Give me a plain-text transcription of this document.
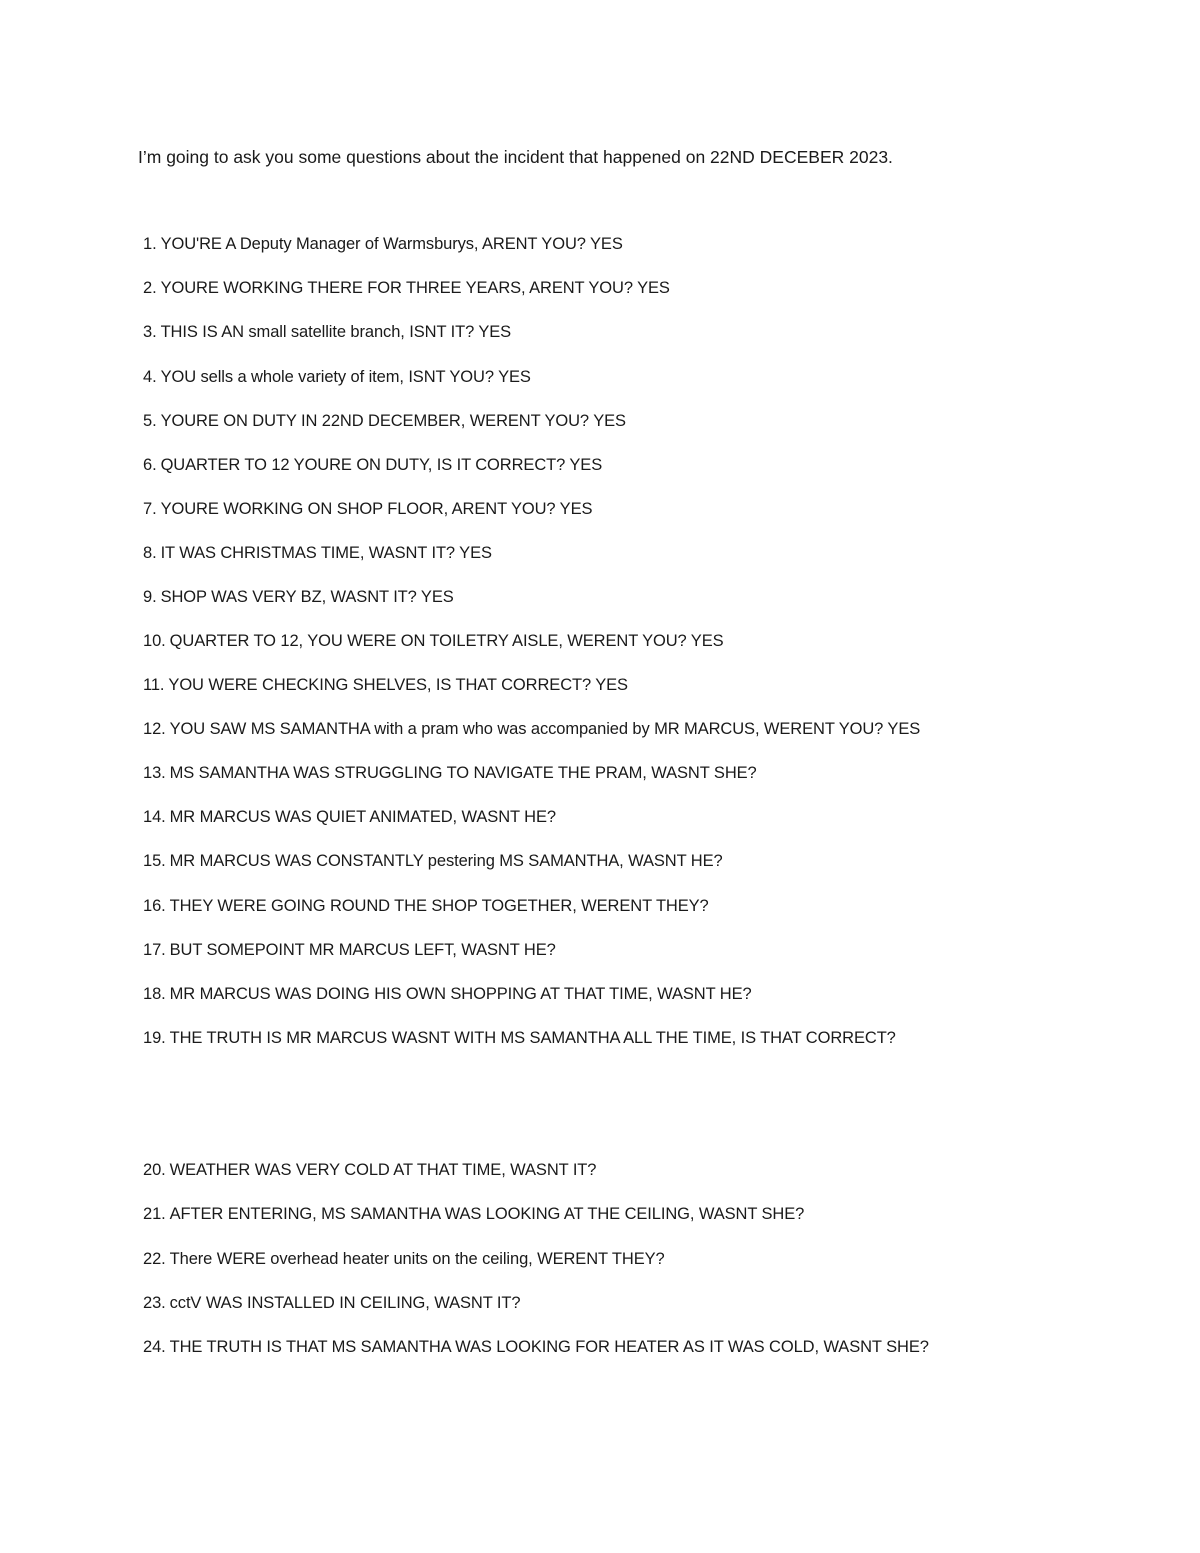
I’m going to ask you some questions about the incident that happened on 22ND DECEBER 2023.

1. YOU'RE A Deputy Manager of Warmsburys, ARENT YOU? YES
2. YOURE WORKING THERE FOR THREE YEARS, ARENT YOU? YES
3. THIS IS AN small satellite branch, ISNT IT? YES
4. YOU sells a whole variety of item, ISNT YOU? YES
5. YOURE ON DUTY IN 22ND DECEMBER, WERENT YOU? YES
6. QUARTER TO 12 YOURE ON DUTY, IS IT CORRECT? YES
7. YOURE WORKING ON SHOP FLOOR, ARENT YOU? YES
8. IT WAS CHRISTMAS TIME, WASNT IT? YES
9. SHOP WAS VERY BZ, WASNT IT? YES
10. QUARTER TO 12, YOU WERE ON TOILETRY AISLE, WERENT YOU? YES
11. YOU WERE CHECKING SHELVES, IS THAT CORRECT? YES
12. YOU SAW MS SAMANTHA with a pram who was accompanied by MR MARCUS, WERENT YOU? YES
13. MS SAMANTHA WAS STRUGGLING TO NAVIGATE THE PRAM, WASNT SHE?
14. MR MARCUS WAS QUIET ANIMATED, WASNT HE?
15. MR MARCUS WAS CONSTANTLY pestering MS SAMANTHA, WASNT HE?
16. THEY WERE GOING ROUND THE SHOP TOGETHER, WERENT THEY?
17. BUT SOMEPOINT MR MARCUS LEFT, WASNT HE?
18. MR MARCUS WAS DOING HIS OWN SHOPPING AT THAT TIME, WASNT HE?
19. THE TRUTH IS MR MARCUS WASNT WITH MS SAMANTHA ALL THE TIME, IS THAT CORRECT?
20. WEATHER WAS VERY COLD AT THAT TIME, WASNT IT?
21. AFTER ENTERING, MS SAMANTHA WAS LOOKING AT THE CEILING, WASNT SHE?
22. There WERE overhead heater units on the ceiling, WERENT THEY?
23. cctV WAS INSTALLED IN CEILING, WASNT IT?
24. THE TRUTH IS THAT MS SAMANTHA WAS LOOKING FOR HEATER AS IT WAS COLD, WASNT SHE?
